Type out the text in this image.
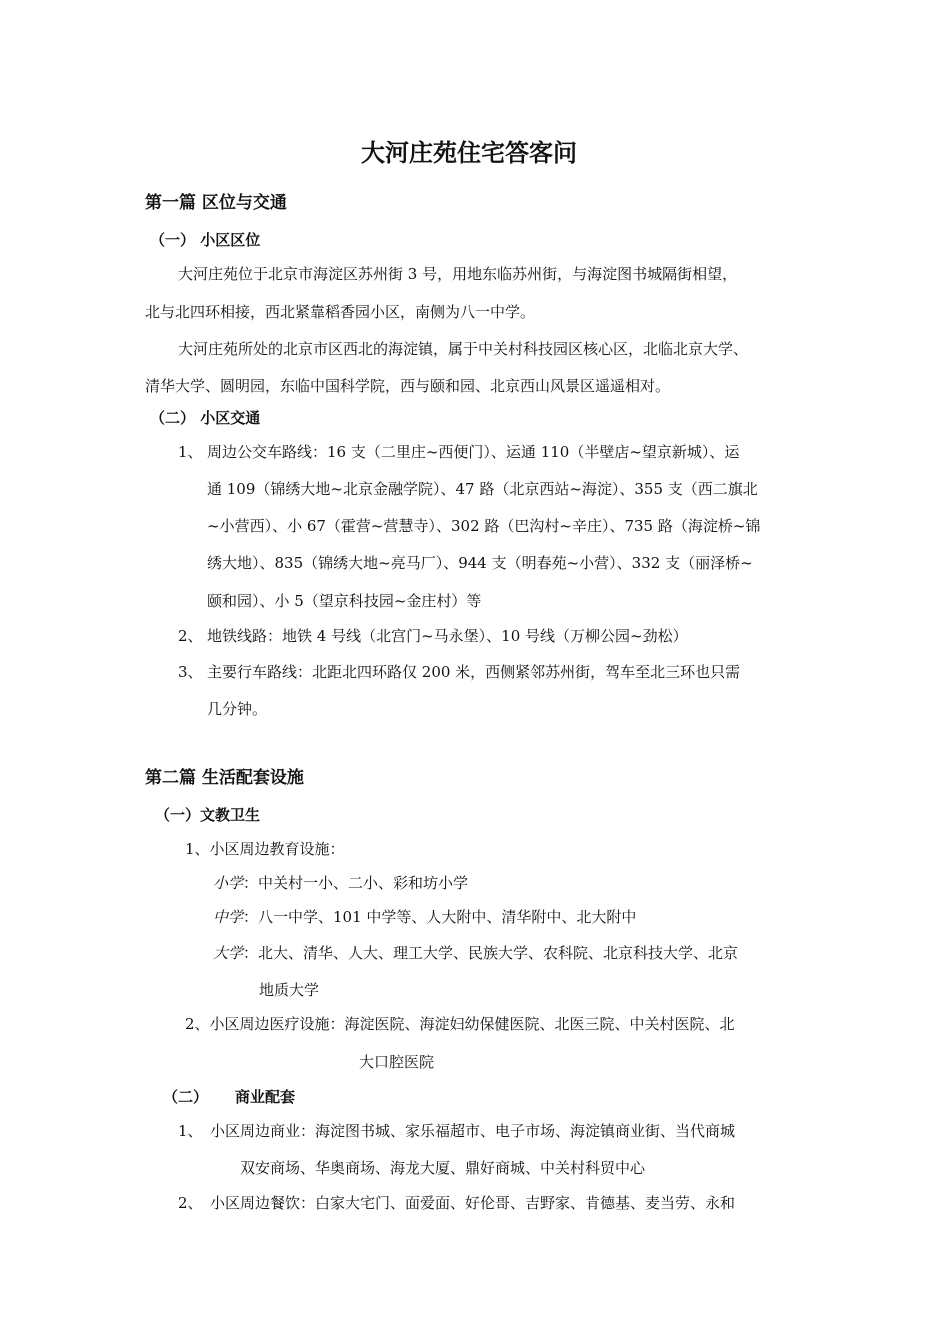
大河庄苑住宅答客问
第一篇 区位与交通
（一） 小区区位
大河庄苑位于北京市海淀区苏州街 3 号，用地东临苏州街，与海淀图书城隔街相望，
北与北四环相接，西北紧靠稻香园小区，南侧为八一中学。
大河庄苑所处的北京市区西北的海淀镇，属于中关村科技园区核心区，北临北京大学、
清华大学、圆明园，东临中国科学院，西与颐和园、北京西山风景区遥遥相对。
（二） 小区交通
1、 周边公交车路线：16 支（二里庄~西便门）、运通 110（半壁店~望京新城）、运
通 109（锦绣大地~北京金融学院）、47 路（北京西站~海淀）、355 支（西二旗北
~小营西）、小 67（霍营~营慧寺）、302 路（巴沟村~辛庄）、735 路（海淀桥~锦
绣大地）、835（锦绣大地~亮马厂）、944 支（明春苑~小营）、332 支（丽泽桥~
颐和园）、小 5（望京科技园~金庄村）等
2、 地铁线路：地铁 4 号线（北宫门~马永堡）、10 号线（万柳公园~劲松）
3、 主要行车路线：北距北四环路仅 200 米，西侧紧邻苏州街，驾车至北三环也只需
几分钟。
第二篇 生活配套设施
（一）文教卫生
1、小区周边教育设施：
小学：中关村一小、二小、彩和坊小学
中学：八一中学、101 中学等、人大附中、清华附中、北大附中
大学：北大、清华、人大、理工大学、民族大学、农科院、北京科技大学、北京
地质大学
2、小区周边医疗设施：海淀医院、海淀妇幼保健医院、北医三院、中关村医院、北
大口腔医院
（二） 商业配套
1、 小区周边商业：海淀图书城、家乐福超市、电子市场、海淀镇商业街、当代商城
双安商场、华奥商场、海龙大厦、鼎好商城、中关村科贸中心
2、 小区周边餐饮：白家大宅门、面爱面、好伦哥、吉野家、肯德基、麦当劳、永和
